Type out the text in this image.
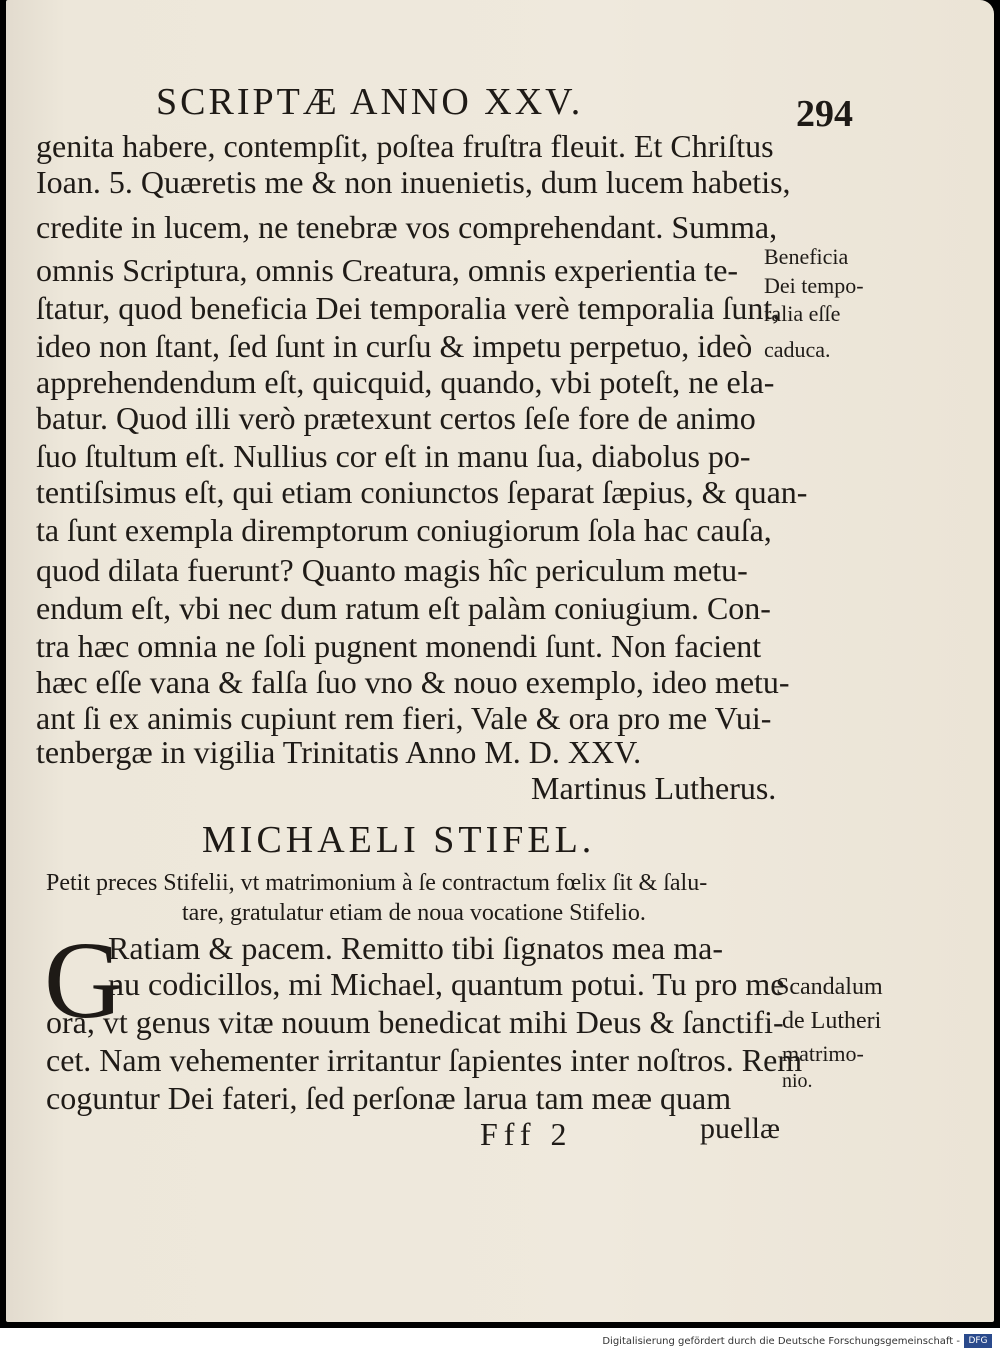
SCRIPTÆ ANNO XXV.	294

genita habere, contempſit, poſtea fruſtra fleuit. Et Chriſtus

Ioan. 5. Quæretis me & non inuenietis, dum lucem habetis,

credite in lucem, ne tenebræ vos comprehendant. Summa,

omnis Scriptura, omnis Creatura, omnis experientia te-

ſtatur, quod beneficia Dei temporalia verè temporalia ſunt,

ideo non ſtant, ſed ſunt in curſu & impetu perpetuo, ideò

apprehendendum eſt, quicquid, quando, vbi poteſt, ne ela-

batur. Quod illi verò prætexunt certos ſeſe fore de animo

ſuo ſtultum eſt. Nullius cor eſt in manu ſua, diabolus po-

tentiſsimus eſt, qui etiam coniunctos ſeparat ſæpius, & quan-

ta ſunt exempla diremptorum coniugiorum ſola hac cauſa,

quod dilata fuerunt? Quanto magis hîc periculum metu-

endum eſt, vbi nec dum ratum eſt palàm coniugium. Con-

tra hæc omnia ne ſoli pugnent monendi ſunt. Non facient

hæc eſſe vana & falſa ſuo vno & nouo exemplo, ideo metu-

ant ſi ex animis cupiunt rem fieri, Vale & ora pro me Vui-

tenbergæ in vigilia Trinitatis Anno M. D. XXV.

Beneficia

Dei tempo-

ralia eſſe

caduca.

Martinus Lutherus.

MICHAELI STIFEL.

Petit preces Stifelii, vt matrimonium à ſe contractum fœlix ſit & ſalu-

tare, gratulatur etiam de noua vocatione Stifelio.

G

Ratiam & pacem. Remitto tibi ſignatos mea ma-

nu codicillos, mi Michael, quantum potui. Tu pro me

ora, vt genus vitæ nouum benedicat mihi Deus & ſanctifi-

cet. Nam vehementer irritantur ſapientes inter noſtros. Rem

coguntur Dei fateri, ſed perſonæ larua tam meæ quam

Scandalum

de Lutheri

matrimo-

nio.

Fff 2	puellæ

Digitalisierung gefördert durch die Deutsche Forschungsgemeinschaft - DFG
